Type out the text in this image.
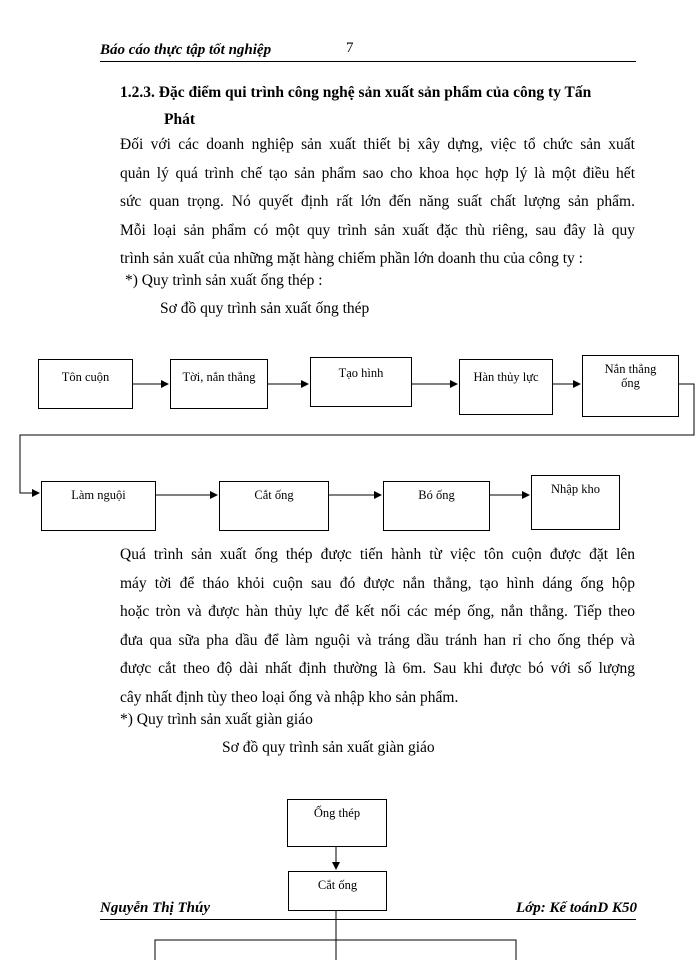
Báo cáo thực tập tốt nghiệp	7
1.2.3. Đặc điểm qui trình công nghệ sản xuất sản phẩm của công ty Tấn
Phát
Đối với các doanh nghiệp sản xuất thiết bị xây dựng, việc tổ chức sản xuất
quản lý quá trình chế tạo sản phẩm sao cho khoa học hợp lý là một điều hết
sức quan trọng. Nó quyết định rất lớn đến năng suất chất lượng sản phẩm.
Mỗi loại sản phẩm có một quy trình sản xuất đặc thù riêng, sau đây là quy
trình sản xuất của những mặt hàng chiếm phần lớn doanh thu của công ty :
*) Quy trình sản xuất ống thép :
Sơ đồ quy trình sản xuất ống thép
Tôn cuộn	Tời, nắn thẳng	Tạo hình	Hàn thủy lực
Nắn thẳng ống
Làm nguội	Cắt ống	Bó ống	Nhập kho
Quá trình sản xuất ống thép được tiến hành từ việc tôn cuộn được đặt lên
máy tời để tháo khỏi cuộn sau đó được nắn thẳng, tạo hình dáng ống hộp
hoặc tròn và được hàn thủy lực để kết nối các mép ống, nắn thẳng. Tiếp theo
đưa qua sữa pha dầu để làm nguội và tráng dầu tránh han rỉ cho ống thép và
được cắt theo độ dài nhất định thường là 6m. Sau khi được bó với số lượng
cây nhất định tùy theo loại ống và nhập kho sản phẩm.
*) Quy trình sản xuất giàn giáo
Sơ đồ quy trình sản xuất giàn giáo
Ống thép
Cắt ống
Nguyễn Thị Thúy	Lớp: Kế toánD K50
